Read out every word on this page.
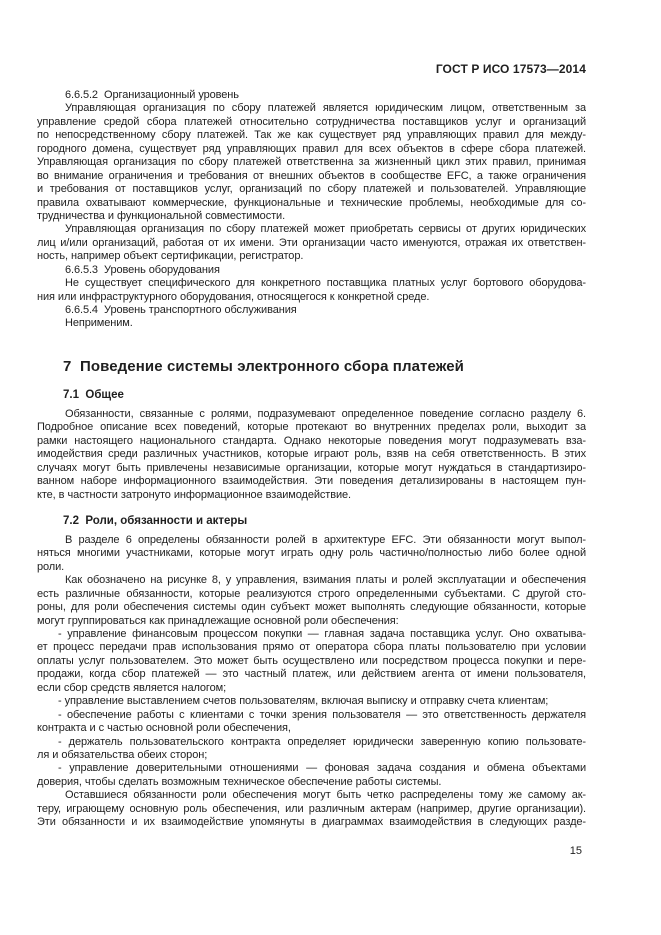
ГОСТ Р ИСО 17573—2014
6.6.5.2  Организационный уровень
Управляющая организация по сбору платежей является юридическим лицом, ответственным за
управление средой сбора платежей относительно сотрудничества поставщиков услуг и организаций
по непосредственному сбору платежей. Так же как существует ряд управляющих правил для между-
городного домена, существует ряд управляющих правил для всех объектов в сфере сбора платежей.
Управляющая организация по сбору платежей ответственна за жизненный цикл этих правил, принимая
во внимание ограничения и требования от внешних объектов в сообществе EFC, а также ограничения
и требования от поставщиков услуг, организаций по сбору платежей и пользователей. Управляющие
правила охватывают коммерческие, функциональные и технические проблемы, необходимые для со-
трудничества и функциональной совместимости.
Управляющая организация по сбору платежей может приобретать сервисы от других юридических
лиц и/или организаций, работая от их имени. Эти организации часто именуются, отражая их ответствен-
ность, например объект сертификации, регистратор.
6.6.5.3  Уровень оборудования
Не существует специфического для конкретного поставщика платных услуг бортового оборудова-
ния или инфраструктурного оборудования, относящегося к конкретной среде.
6.6.5.4  Уровень транспортного обслуживания
Неприменим.
7  Поведение системы электронного сбора платежей
7.1  Общее
Обязанности, связанные с ролями, подразумевают определенное поведение согласно разделу 6.
Подробное описание всех поведений, которые протекают во внутренних пределах роли, выходит за
рамки настоящего национального стандарта. Однако некоторые поведения могут подразумевать вза-
имодействия среди различных участников, которые играют роль, взяв на себя ответственность. В этих
случаях могут быть привлечены независимые организации, которые могут нуждаться в стандартизиро-
ванном наборе информационного взаимодействия. Эти поведения детализированы в настоящем пун-
кте, в частности затронуто информационное взаимодействие.
7.2  Роли, обязанности и актеры
В разделе 6 определены обязанности ролей в архитектуре EFC. Эти обязанности могут выпол-
няться многими участниками, которые могут играть одну роль частично/полностью либо более одной
роли.
Как обозначено на рисунке 8, у управления, взимания платы и ролей эксплуатации и обеспечения
есть различные обязанности, которые реализуются строго определенными субъектами. С другой сто-
роны, для роли обеспечения системы один субъект может выполнять следующие обязанности, которые
могут группироваться как принадлежащие основной роли обеспечения:
- управление финансовым процессом покупки — главная задача поставщика услуг. Оно охватыва-
ет процесс передачи прав использования прямо от оператора сбора платы пользователю при условии
оплаты услуг пользователем. Это может быть осуществлено или посредством процесса покупки и пере-
продажи, когда сбор платежей — это частный платеж, или действием агента от имени пользователя,
если сбор средств является налогом;
- управление выставлением счетов пользователям, включая выписку и отправку счета клиентам;
- обеспечение работы с клиентами с точки зрения пользователя — это ответственность держателя
контракта и с частью основной роли обеспечения,
- держатель пользовательского контракта определяет юридически заверенную копию пользовате-
ля и обязательства обеих сторон;
- управление доверительными отношениями — фоновая задача создания и обмена объектами
доверия, чтобы сделать возможным техническое обеспечение работы системы.
Оставшиеся обязанности роли обеспечения могут быть четко распределены тому же самому ак-
теру, играющему основную роль обеспечения, или различным актерам (например, другие организации).
Эти обязанности и их взаимодействие упомянуты в диаграммах взаимодействия в следующих разде-
15
